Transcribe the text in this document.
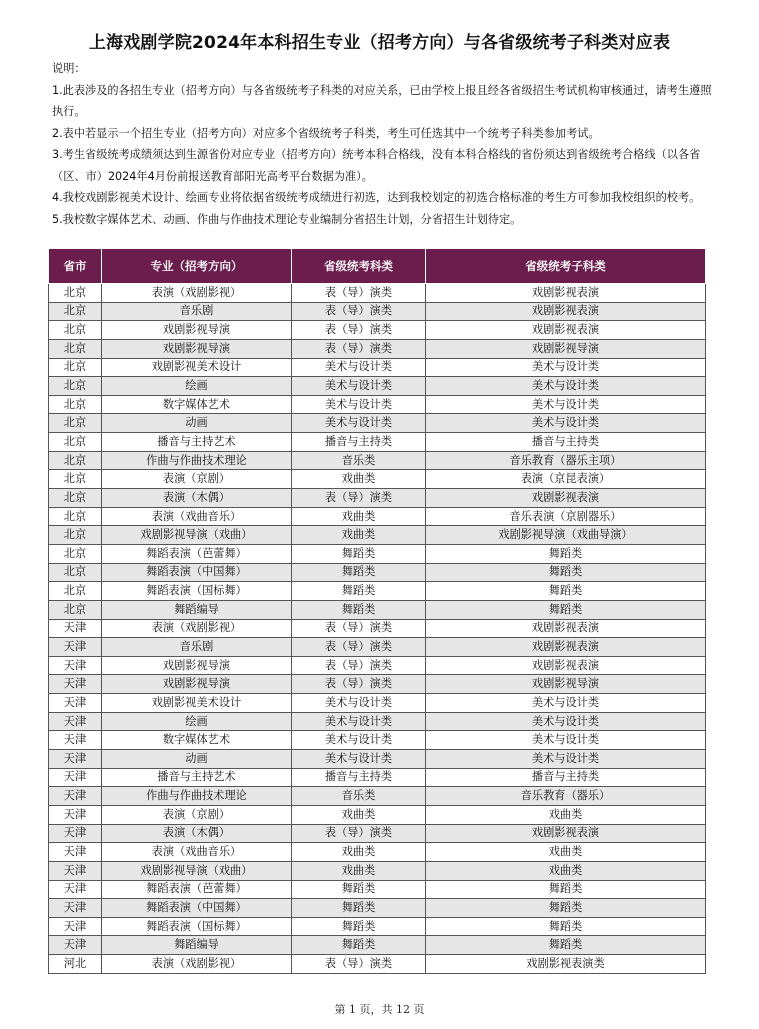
上海戏剧学院2024年本科招生专业（招考方向）与各省级统考子科类对应表

说明：

1.此表涉及的各招生专业（招考方向）与各省级统考子科类的对应关系，已由学校上报且经各省级招生考试机构审核通过，请考生遵照执行。

2.表中若显示一个招生专业（招考方向）对应多个省级统考子科类，考生可任选其中一个统考子科类参加考试。

3.考生省级统考成绩须达到生源省份对应专业（招考方向）统考本科合格线，没有本科合格线的省份须达到省级统考合格线（以各省（区、市）2024年4月份前报送教育部阳光高考平台数据为准）。

4.我校戏剧影视美术设计、绘画专业将依据省级统考成绩进行初选，达到我校划定的初选合格标准的考生方可参加我校组织的校考。

5.我校数字媒体艺术、动画、作曲与作曲技术理论专业编制分省招生计划，分省招生计划待定。

省市	专业（招考方向）	省级统考科类	省级统考子科类
北京	表演（戏剧影视）	表（导）演类	戏剧影视表演
北京	音乐剧	表（导）演类	戏剧影视表演
北京	戏剧影视导演	表（导）演类	戏剧影视表演
北京	戏剧影视导演	表（导）演类	戏剧影视导演
北京	戏剧影视美术设计	美术与设计类	美术与设计类
北京	绘画	美术与设计类	美术与设计类
北京	数字媒体艺术	美术与设计类	美术与设计类
北京	动画	美术与设计类	美术与设计类
北京	播音与主持艺术	播音与主持类	播音与主持类
北京	作曲与作曲技术理论	音乐类	音乐教育（器乐主项）
北京	表演（京剧）	戏曲类	表演（京昆表演）
北京	表演（木偶）	表（导）演类	戏剧影视表演
北京	表演（戏曲音乐）	戏曲类	音乐表演（京剧器乐）
北京	戏剧影视导演（戏曲）	戏曲类	戏剧影视导演（戏曲导演）
北京	舞蹈表演（芭蕾舞）	舞蹈类	舞蹈类
北京	舞蹈表演（中国舞）	舞蹈类	舞蹈类
北京	舞蹈表演（国标舞）	舞蹈类	舞蹈类
北京	舞蹈编导	舞蹈类	舞蹈类
天津	表演（戏剧影视）	表（导）演类	戏剧影视表演
天津	音乐剧	表（导）演类	戏剧影视表演
天津	戏剧影视导演	表（导）演类	戏剧影视表演
天津	戏剧影视导演	表（导）演类	戏剧影视导演
天津	戏剧影视美术设计	美术与设计类	美术与设计类
天津	绘画	美术与设计类	美术与设计类
天津	数字媒体艺术	美术与设计类	美术与设计类
天津	动画	美术与设计类	美术与设计类
天津	播音与主持艺术	播音与主持类	播音与主持类
天津	作曲与作曲技术理论	音乐类	音乐教育（器乐）
天津	表演（京剧）	戏曲类	戏曲类
天津	表演（木偶）	表（导）演类	戏剧影视表演
天津	表演（戏曲音乐）	戏曲类	戏曲类
天津	戏剧影视导演（戏曲）	戏曲类	戏曲类
天津	舞蹈表演（芭蕾舞）	舞蹈类	舞蹈类
天津	舞蹈表演（中国舞）	舞蹈类	舞蹈类
天津	舞蹈表演（国标舞）	舞蹈类	舞蹈类
天津	舞蹈编导	舞蹈类	舞蹈类
河北	表演（戏剧影视）	表（导）演类	戏剧影视表演类
第 1 页，共 12 页
